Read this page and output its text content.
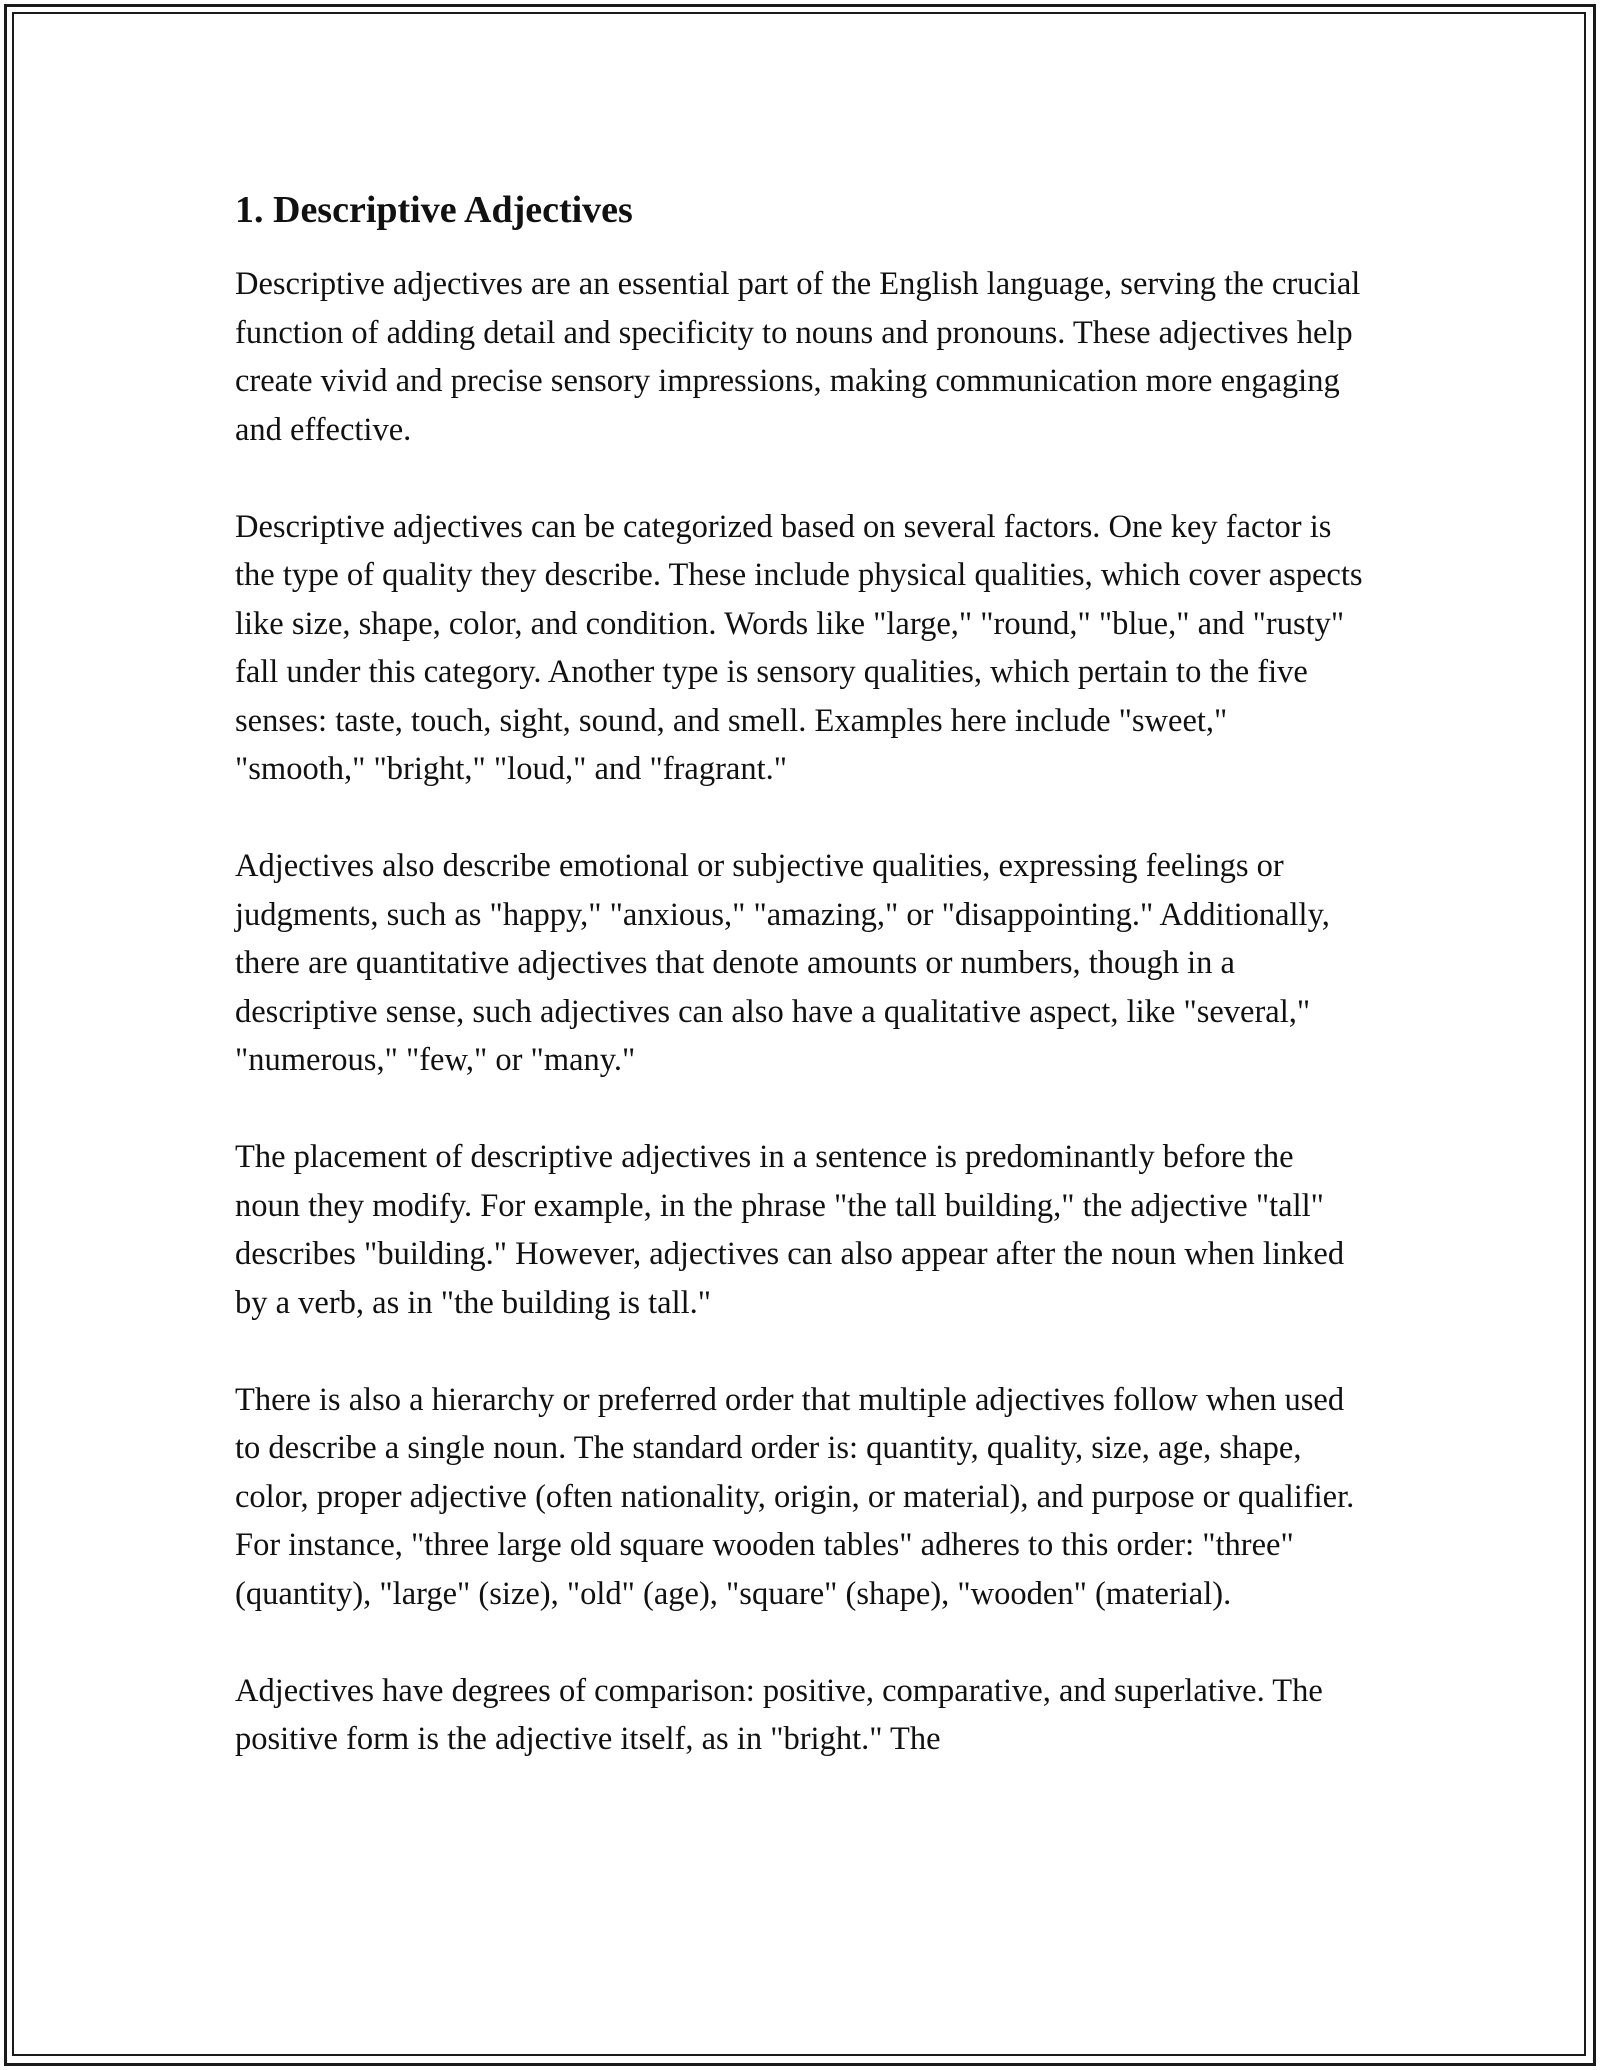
1. Descriptive Adjectives

Descriptive adjectives are an essential part of the English language, serving the crucial function of adding detail and specificity to nouns and pronouns. These adjectives help create vivid and precise sensory impressions, making communication more engaging and effective.

Descriptive adjectives can be categorized based on several factors. One key factor is the type of quality they describe. These include physical qualities, which cover aspects like size, shape, color, and condition. Words like "large," "round," "blue," and "rusty" fall under this category. Another type is sensory qualities, which pertain to the five senses: taste, touch, sight, sound, and smell. Examples here include "sweet," "smooth," "bright," "loud," and "fragrant."

Adjectives also describe emotional or subjective qualities, expressing feelings or judgments, such as "happy," "anxious," "amazing," or "disappointing." Additionally, there are quantitative adjectives that denote amounts or numbers, though in a descriptive sense, such adjectives can also have a qualitative aspect, like "several," "numerous," "few," or "many."

The placement of descriptive adjectives in a sentence is predominantly before the noun they modify. For example, in the phrase "the tall building," the adjective "tall" describes "building." However, adjectives can also appear after the noun when linked by a verb, as in "the building is tall."

There is also a hierarchy or preferred order that multiple adjectives follow when used to describe a single noun. The standard order is: quantity, quality, size, age, shape, color, proper adjective (often nationality, origin, or material), and purpose or qualifier. For instance, "three large old square wooden tables" adheres to this order: "three" (quantity), "large" (size), "old" (age), "square" (shape), "wooden" (material).

Adjectives have degrees of comparison: positive, comparative, and superlative. The positive form is the adjective itself, as in "bright." The
